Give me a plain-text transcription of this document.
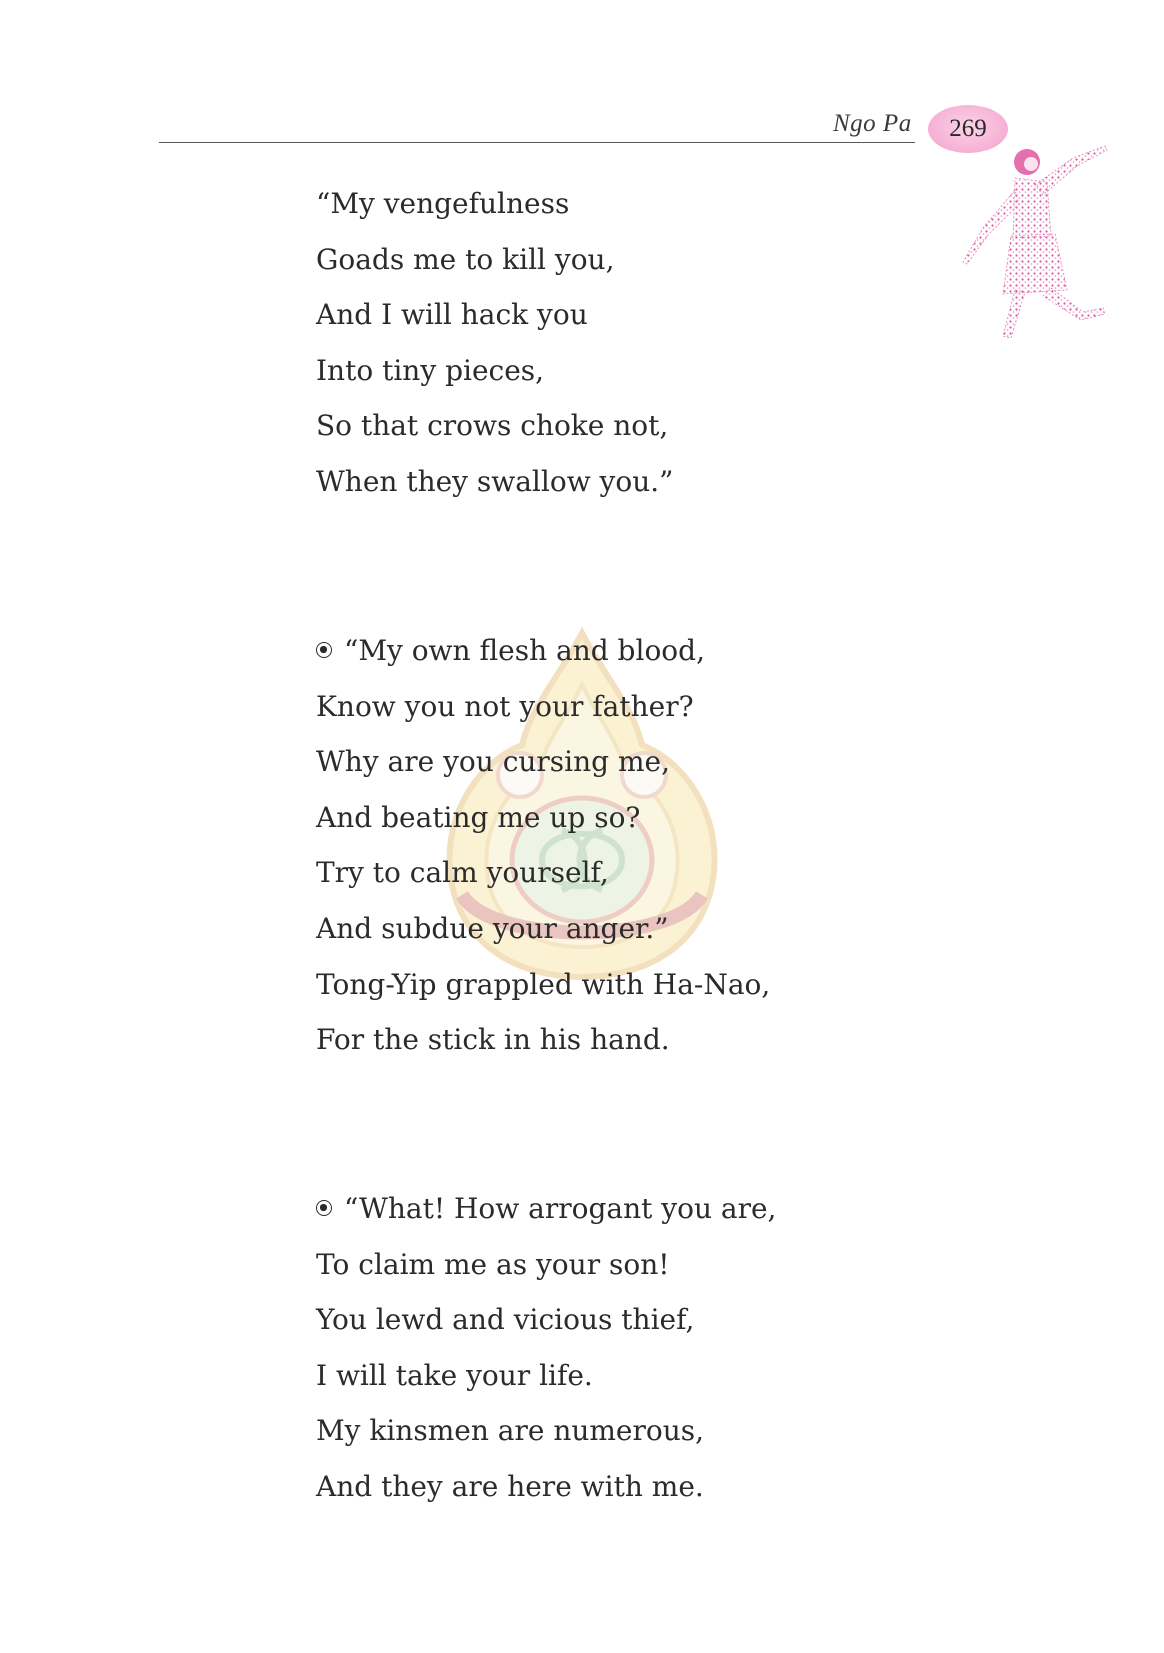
Ngo Pa 269
“My vengefulness
Goads me to kill you,
And I will hack you
Into tiny pieces,
So that crows choke not,
When they swallow you.”
“My own flesh and blood,
Know you not your father?
Why are you cursing me,
And beating me up so?
Try to calm yourself,
And subdue your anger.”
Tong-Yip grappled with Ha-Nao,
For the stick in his hand.
“What! How arrogant you are,
To claim me as your son!
You lewd and vicious thief,
I will take your life.
My kinsmen are numerous,
And they are here with me.
